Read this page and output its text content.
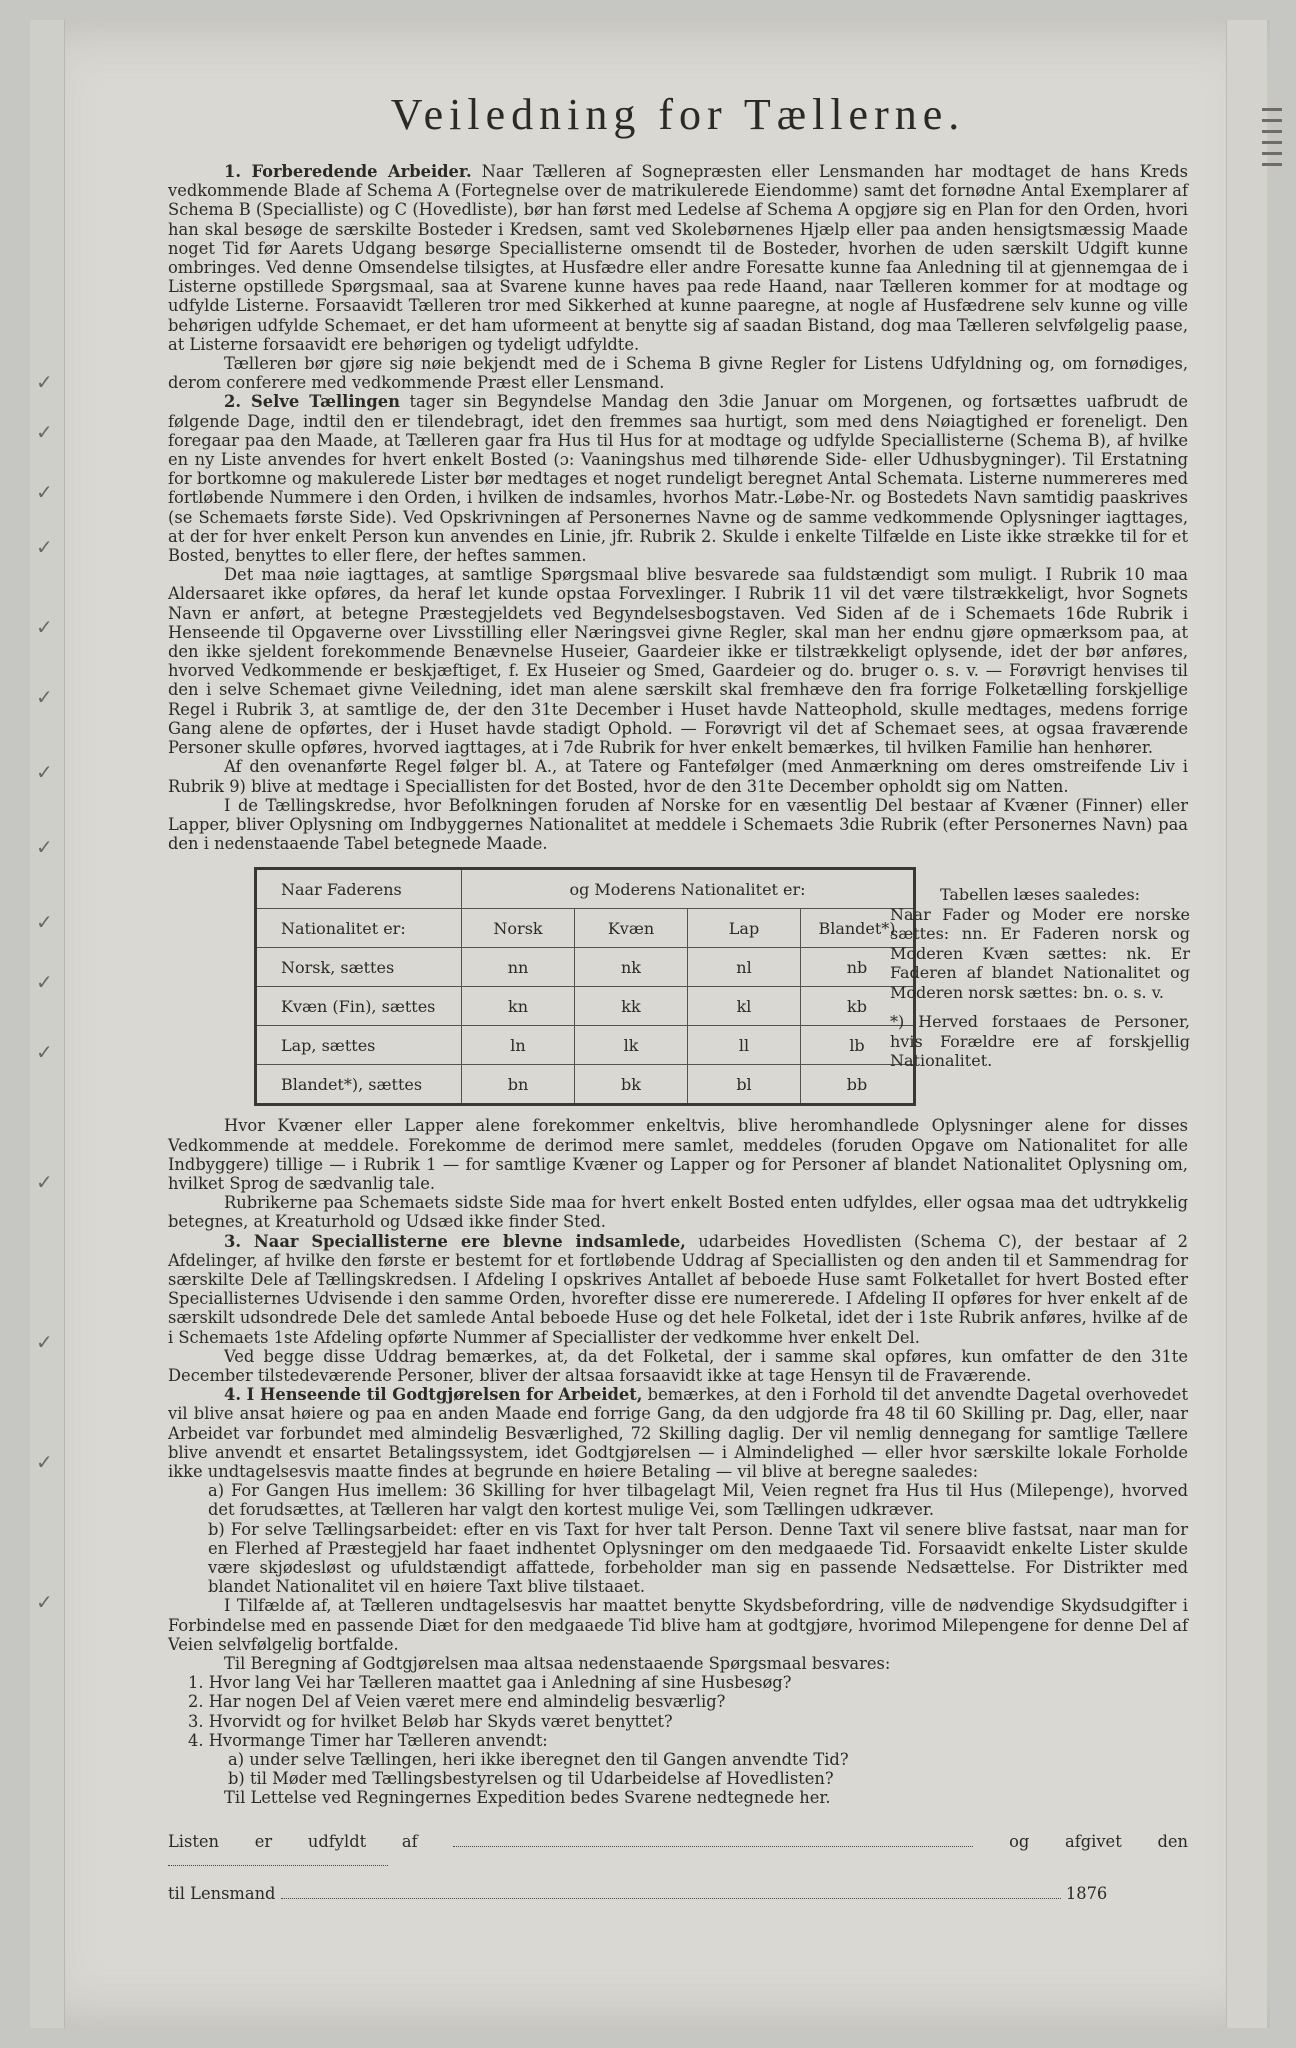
✓
✓
✓
✓
✓
✓
✓
✓
✓
✓
✓
✓
✓
✓
✓
Veiledning for Tællerne.

1. Forberedende Arbeider. Naar Tælleren af Sognepræsten eller Lensmanden har modtaget de hans Kreds vedkommende Blade af Schema A (Fortegnelse over de matrikulerede Eiendomme) samt det fornødne Antal Exemplarer af Schema B (Specialliste) og C (Hovedliste), bør han først med Ledelse af Schema A opgjøre sig en Plan for den Orden, hvori han skal besøge de særskilte Bosteder i Kredsen, samt ved Skolebørnenes Hjælp eller paa anden hensigtsmæssig Maade noget Tid før Aarets Udgang besørge Speciallisterne omsendt til de Bosteder, hvorhen de uden særskilt Udgift kunne ombringes. Ved denne Omsendelse tilsigtes, at Husfædre eller andre Foresatte kunne faa Anledning til at gjennemgaa de i Listerne opstillede Spørgsmaal, saa at Svarene kunne haves paa rede Haand, naar Tælleren kommer for at modtage og udfylde Listerne. Forsaavidt Tælleren tror med Sikkerhed at kunne paaregne, at nogle af Husfædrene selv kunne og ville behørigen udfylde Schemaet, er det ham uformeent at benytte sig af saadan Bistand, dog maa Tælleren selvfølgelig paase, at Listerne forsaavidt ere behørigen og tydeligt udfyldte.

Tælleren bør gjøre sig nøie bekjendt med de i Schema B givne Regler for Listens Udfyldning og, om fornødiges, derom conferere med vedkommende Præst eller Lensmand.

2. Selve Tællingen tager sin Begyndelse Mandag den 3die Januar om Morgenen, og fortsættes uafbrudt de følgende Dage, indtil den er tilendebragt, idet den fremmes saa hurtigt, som med dens Nøiagtighed er foreneligt. Den foregaar paa den Maade, at Tælleren gaar fra Hus til Hus for at modtage og udfylde Speciallisterne (Schema B), af hvilke en ny Liste anvendes for hvert enkelt Bosted (ɔ: Vaaningshus med tilhørende Side- eller Udhusbygninger). Til Erstatning for bortkomne og makulerede Lister bør medtages et noget rundeligt beregnet Antal Schemata. Listerne nummereres med fortløbende Nummere i den Orden, i hvilken de indsamles, hvorhos Matr.-Løbe-Nr. og Bostedets Navn samtidig paaskrives (se Schemaets første Side). Ved Opskrivningen af Personernes Navne og de samme vedkommende Oplysninger iagttages, at der for hver enkelt Person kun anvendes en Linie, jfr. Rubrik 2. Skulde i enkelte Tilfælde en Liste ikke strække til for et Bosted, benyttes to eller flere, der heftes sammen.

Det maa nøie iagttages, at samtlige Spørgsmaal blive besvarede saa fuldstændigt som muligt. I Rubrik 10 maa Aldersaaret ikke opføres, da heraf let kunde opstaa Forvexlinger. I Rubrik 11 vil det være tilstrækkeligt, hvor Sognets Navn er anført, at betegne Præstegjeldets ved Begyndelsesbogstaven. Ved Siden af de i Schemaets 16de Rubrik i Henseende til Opgaverne over Livsstilling eller Næringsvei givne Regler, skal man her endnu gjøre opmærksom paa, at den ikke sjeldent forekommende Benævnelse Huseier, Gaardeier ikke er tilstrækkeligt oplysende, idet der bør anføres, hvorved Vedkommende er beskjæftiget, f. Ex Huseier og Smed, Gaardeier og do. bruger o. s. v. — Forøvrigt henvises til den i selve Schemaet givne Veiledning, idet man alene særskilt skal fremhæve den fra forrige Folketælling forskjellige Regel i Rubrik 3, at samtlige de, der den 31te December i Huset havde Natteophold, skulle medtages, medens forrige Gang alene de opførtes, der i Huset havde stadigt Ophold. — Forøvrigt vil det af Schemaet sees, at ogsaa fraværende Personer skulle opføres, hvorved iagttages, at i 7de Rubrik for hver enkelt bemærkes, til hvilken Familie han henhører.

Af den ovenanførte Regel følger bl. A., at Tatere og Fantefølger (med Anmærkning om deres omstreifende Liv i Rubrik 9) blive at medtage i Speciallisten for det Bosted, hvor de den 31te December opholdt sig om Natten.

I de Tællingskredse, hvor Befolkningen foruden af Norske for en væsentlig Del bestaar af Kvæner (Finner) eller Lapper, bliver Oplysning om Indbyggernes Nationalitet at meddele i Schemaets 3die Rubrik (efter Personernes Navn) paa den i nedenstaaende Tabel betegnede Maade.

Naar Faderens	og Moderens Nationalitet er:			
Nationalitet er:	Norsk	Kvæn	Lap	Blandet*)
Norsk, sættes	nn	nk	nl	nb
Kvæn (Fin), sættes	kn	kk	kl	kb
Lap, sættes	ln	lk	ll	lb
Blandet*), sættes	bn	bk	bl	bb
Tabellen læses saaledes:
Naar Fader og Moder ere norske sættes: nn. Er Faderen norsk og Moderen Kvæn sættes: nk. Er Faderen af blandet Nationalitet og Moderen norsk sættes: bn. o. s. v.
*) Herved forstaaes de Personer, hvis Forældre ere af forskjellig Nationalitet.

Hvor Kvæner eller Lapper alene forekommer enkeltvis, blive heromhandlede Oplysninger alene for disses Vedkommende at meddele. Forekomme de derimod mere samlet, meddeles (foruden Opgave om Nationalitet for alle Indbyggere) tillige — i Rubrik 1 — for samtlige Kvæner og Lapper og for Personer af blandet Nationalitet Oplysning om, hvilket Sprog de sædvanlig tale.

Rubrikerne paa Schemaets sidste Side maa for hvert enkelt Bosted enten udfyldes, eller ogsaa maa det udtrykkelig betegnes, at Kreaturhold og Udsæd ikke finder Sted.

3. Naar Speciallisterne ere blevne indsamlede, udarbeides Hovedlisten (Schema C), der bestaar af 2 Afdelinger, af hvilke den første er bestemt for et fortløbende Uddrag af Speciallisten og den anden til et Sammendrag for særskilte Dele af Tællingskredsen. I Afdeling I opskrives Antallet af beboede Huse samt Folketallet for hvert Bosted efter Speciallisternes Udvisende i den samme Orden, hvorefter disse ere numererede. I Afdeling II opføres for hver enkelt af de særskilt udsondrede Dele det samlede Antal beboede Huse og det hele Folketal, idet der i 1ste Rubrik anføres, hvilke af de i Schemaets 1ste Afdeling opførte Nummer af Speciallister der vedkomme hver enkelt Del.

Ved begge disse Uddrag bemærkes, at, da det Folketal, der i samme skal opføres, kun omfatter de den 31te December tilstedeværende Personer, bliver der altsaa forsaavidt ikke at tage Hensyn til de Fraværende.

4. I Henseende til Godtgjørelsen for Arbeidet, bemærkes, at den i Forhold til det anvendte Dagetal overhovedet vil blive ansat høiere og paa en anden Maade end forrige Gang, da den udgjorde fra 48 til 60 Skilling pr. Dag, eller, naar Arbeidet var forbundet med almindelig Besværlighed, 72 Skilling daglig. Der vil nemlig dennegang for samtlige Tællere blive anvendt et ensartet Betalingssystem, idet Godtgjørelsen — i Almindelighed — eller hvor særskilte lokale Forholde ikke undtagelsesvis maatte findes at begrunde en høiere Betaling — vil blive at beregne saaledes:

a) For Gangen Hus imellem: 36 Skilling for hver tilbagelagt Mil, Veien regnet fra Hus til Hus (Milepenge), hvorved det forudsættes, at Tælleren har valgt den kortest mulige Vei, som Tællingen udkræver.

b) For selve Tællingsarbeidet: efter en vis Taxt for hver talt Person. Denne Taxt vil senere blive fastsat, naar man for en Flerhed af Præstegjeld har faaet indhentet Oplysninger om den medgaaede Tid. Forsaavidt enkelte Lister skulde være skjødesløst og ufuldstændigt affattede, forbeholder man sig en passende Nedsættelse. For Distrikter med blandet Nationalitet vil en høiere Taxt blive tilstaaet.

I Tilfælde af, at Tælleren undtagelsesvis har maattet benytte Skydsbefordring, ville de nødvendige Skydsudgifter i Forbindelse med en passende Diæt for den medgaaede Tid blive ham at godtgjøre, hvorimod Milepengene for denne Del af Veien selvfølgelig bortfalde.

Til Beregning af Godtgjørelsen maa altsaa nedenstaaende Spørgsmaal besvares:

1. Hvor lang Vei har Tælleren maattet gaa i Anledning af sine Husbesøg?
2. Har nogen Del af Veien været mere end almindelig besværlig?
3. Hvorvidt og for hvilket Beløb har Skyds været benyttet?
4. Hvormange Timer har Tælleren anvendt:
a) under selve Tællingen, heri ikke iberegnet den til Gangen anvendte Tid?
b) til Møder med Tællingsbestyrelsen og til Udarbeidelse af Hovedlisten?
Til Lettelse ved Regningernes Expedition bedes Svarene nedtegnede her.
Listen er udfyldt af	og afgivet den
til Lensmand	1876
